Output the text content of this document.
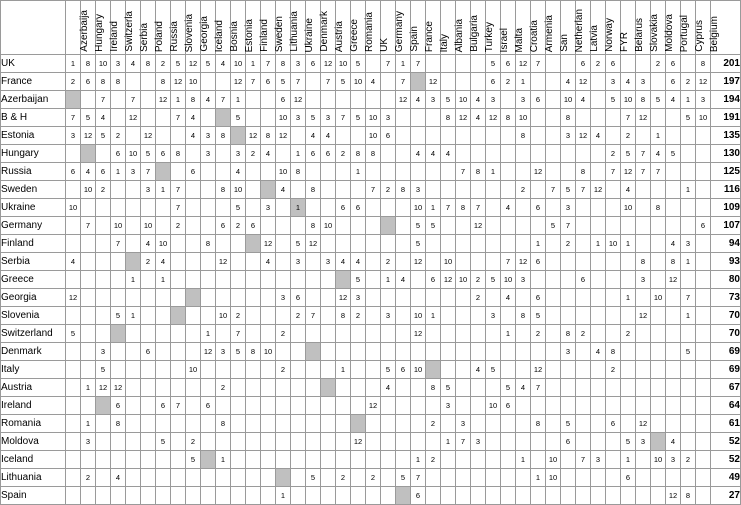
	Azerbaija	Hungary	Ireland	Switzerla	Serbia	Poland	Russia	Slovenia	Georgia	Iceland	Bosnia	Estonia	Finland	Sweden	Lithuania	Ukraine	Denmark	Austria	Greece	Romania	UK	Germany	Spain	France	Italy	Albania	Bulgaria	Turkey	Israel	Malta	Croatia	Armenia	San	Netherlan	Latvia	Norway	FYR	Belarus	Slovakia	Moldova	Portugal	Cyprus	Belgium	

UK	1	8	10	3	4	8	2	5	12	5	4	10	1	7	8	3	6	12	10	5		7	1	7					5	6	12	7			6	2	6			2	6		8	201
France	2	6	8	8			8	12	10			12	7	6	5	7		7	5	10	4		7		12				6	2	1			4	12		3	4	3		6	2	12	197
Azerbaijan			7		7		12	1	8	4	7	1			6	12							12	4	3	5	10	4	3		3	6		10	4		5	10	8	5	4	1	3	194
B & H	7	5	4		12			7	4			5			10	3	5	3	7	5	10	3				8	12	4	12	8	10			8				7	12			5	10	191
Estonia	3	12	5	2		12			4	3	8		12	8	12		4	4			10	6									8			3	12	4		2		1				135
Hungary				6	10	5	6	8		3		3	2	4		1	6	6	2	8	8			4	4	4											2	5	7	4	5			130
Russia	6	4	6	1	3	7			6			4			10	8				1							7	8	1			12			8		7	12	7	7				125
Sweden		10	2			3	1	7			8	10			4		8				7	2	8	3							2		7	5	7	12		4				1		116
Ukraine	10							7				5		3		1			6	6				10	1	7	8	7		4		6		3				10		8				109
Germany		7		10		10		2			6	2	6				8	10						5	5			12					5	7									6	107
Finland				7		4	10			8				12		5	12							5								1		2		1	10	1			4	3		94
Serbia	4					2	4				12			4		3		3	4	4		2		12		10				7	12	6							8		8	1		93
Greece					1		1													5		1	4		6	12	10	2	5	10	3				6				3		12			80
Georgia	12														3	6			12	3								2		4		6						1		10		7		73
Slovenia				5	1						10	2				2	7		8	2		3		10	1				3		8	5							12			1		70
Switzerland	5									1		7			2									12						1		2		8	2			2						70
Denmark			3			6				12	3	5	8	10																				3		4	8					5		69
Italy			5						10						2				1			5	6	10				4	5			12					2							69
Austria		1	12	12							2											4			8	5				5	4	7												67
Ireland				6			6	7		6											12					3			10	6														64
Romania		1		8							8														2		3					8		5			6		12					61
Moldova		3					5		2											12						1	7	3						6				5	3		4			52
Iceland									5		1													1	2						1		10		7	3		1		10	3	2		52
Lithuania		2		4													5		2		2		5	7								1	10					6						49
Spain															1									6																	12	8		27
